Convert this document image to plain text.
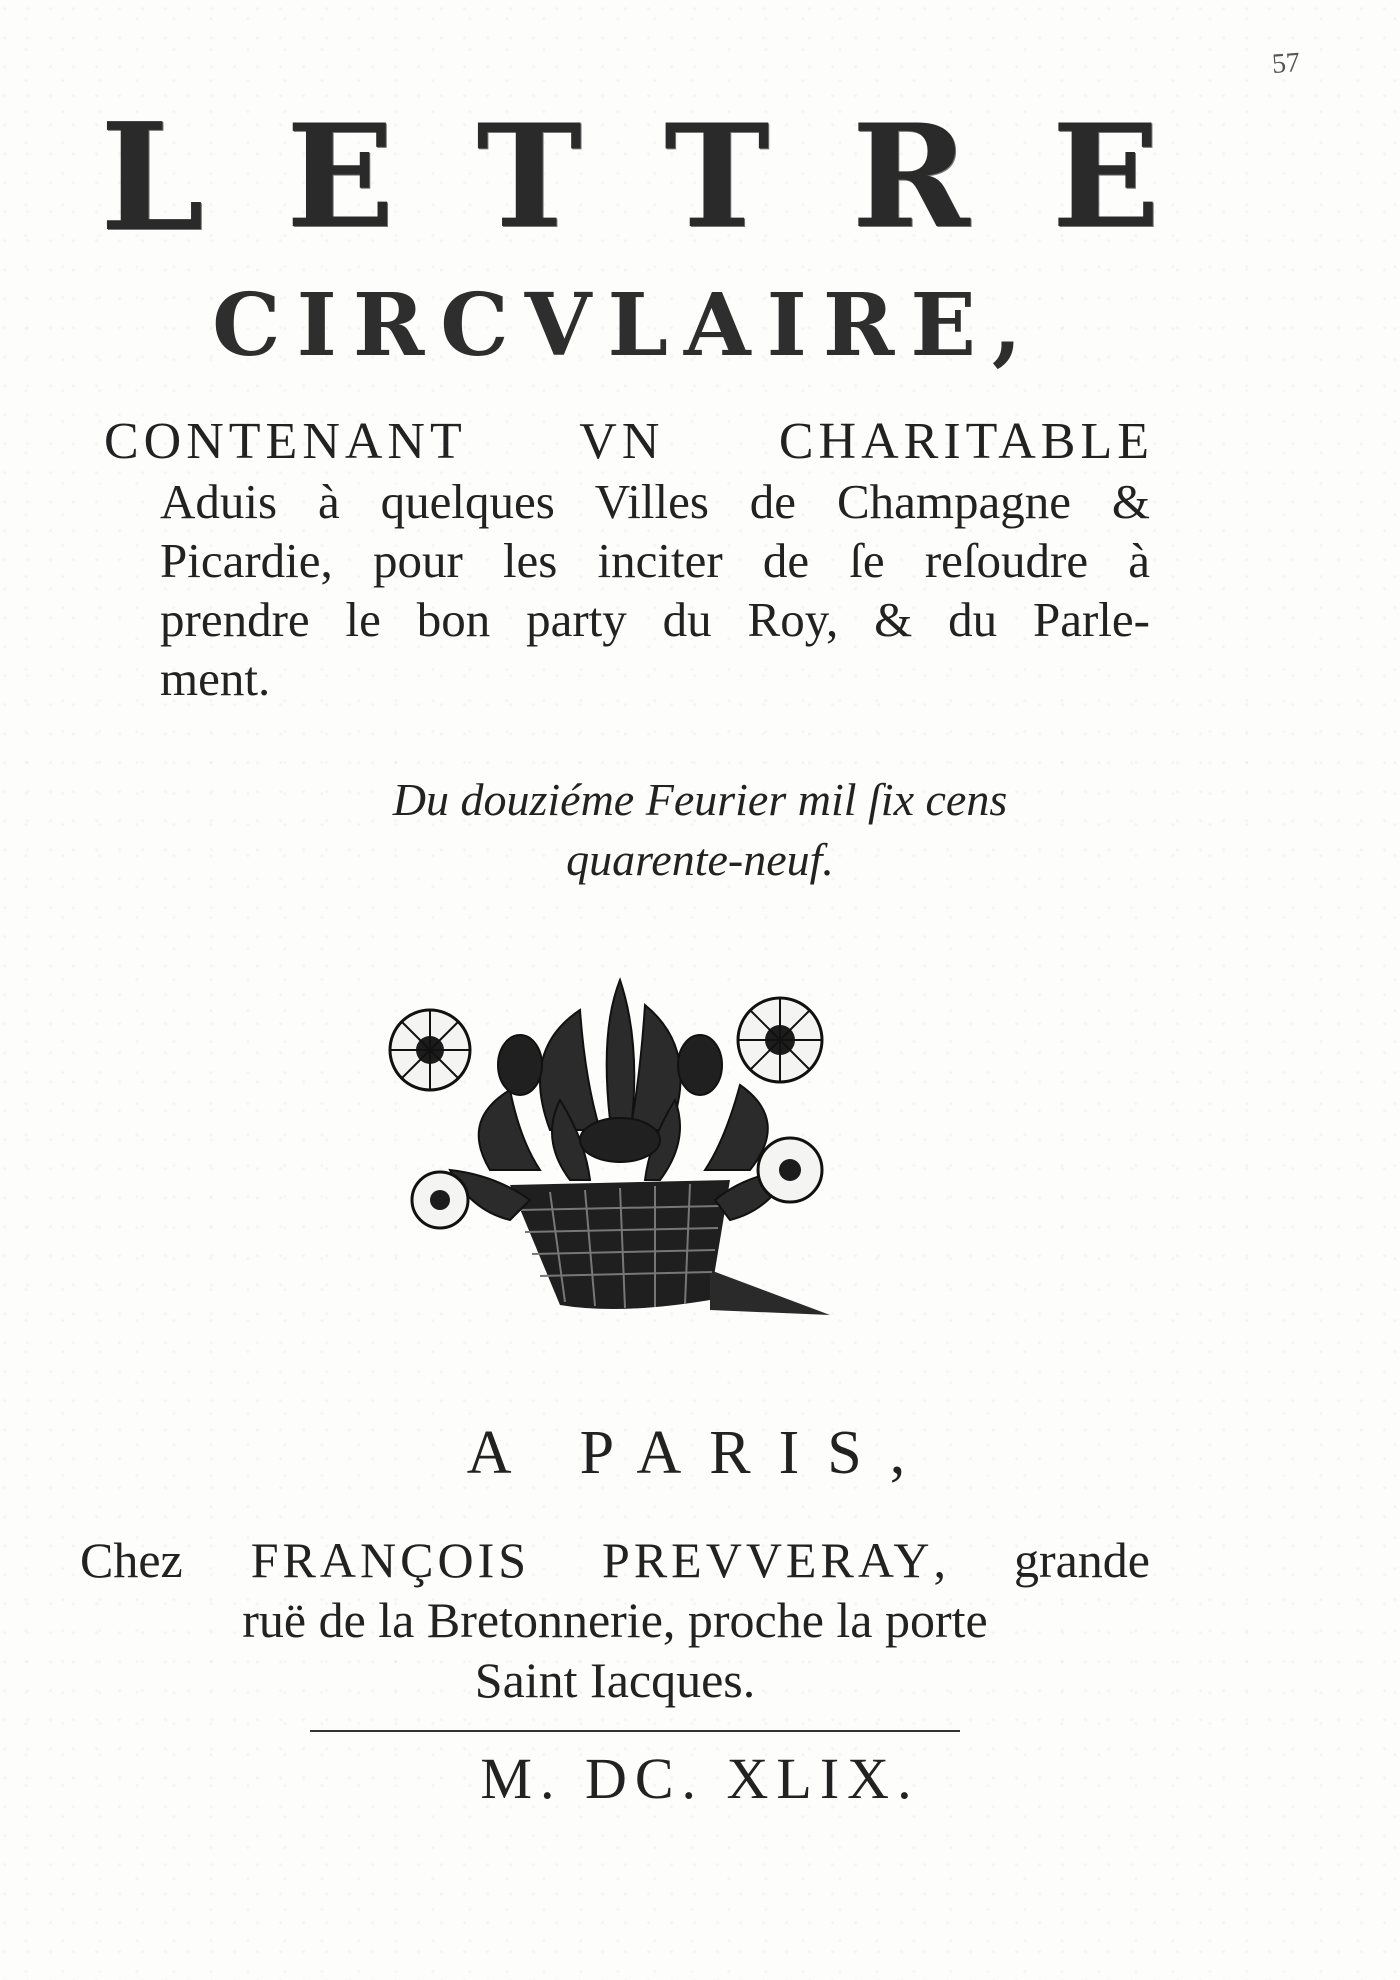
57
L E T T R E
CIRCVLAIRE,
CONTENANT VN CHARITABLE
Aduis à quelques Villes de Champagne &
Picardie, pour les inciter de ſe reſoudre à
prendre le bon party du Roy, & du Parle-
ment.
Du douziéme Feurier mil ſix cens
quarente-neuf.
A PARIS,
Chez FRANÇOIS PREVVERAY, grande
ruë de la Bretonnerie, proche la porte
Saint Iacques.
M. DC. XLIX.
